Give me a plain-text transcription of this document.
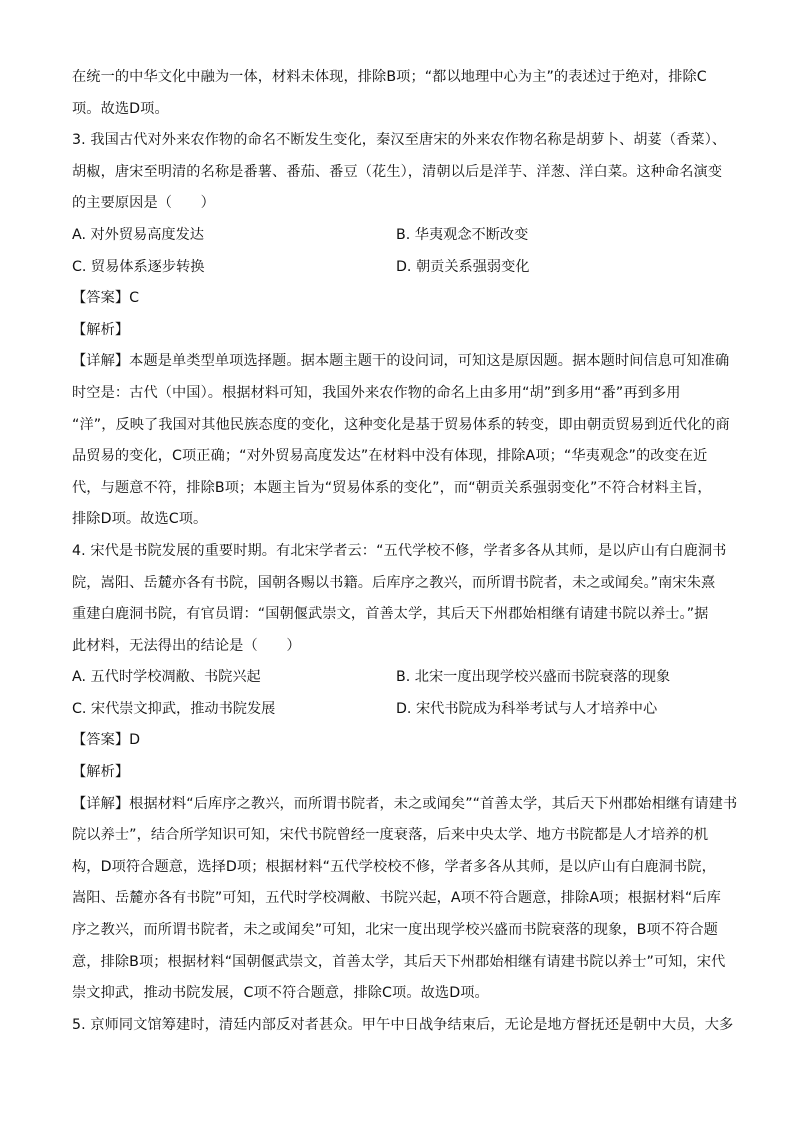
在统一的中华文化中融为一体，材料未体现，排除B项；“都以地理中心为主”的表述过于绝对，排除C
项。故选D项。
3. 我国古代对外来农作物的命名不断发生变化，秦汉至唐宋的外来农作物名称是胡萝卜、胡荽（香菜）、
胡椒，唐宋至明清的名称是番薯、番茄、番豆（花生），清朝以后是洋芋、洋葱、洋白菜。这种命名演变
的主要原因是（　　）
A. 对外贸易高度发达	B. 华夷观念不断改变
C. 贸易体系逐步转换	D. 朝贡关系强弱变化
【答案】C
【解析】
【详解】本题是单类型单项选择题。据本题主题干的设问词，可知这是原因题。据本题时间信息可知准确
时空是：古代（中国）。根据材料可知，我国外来农作物的命名上由多用“胡”到多用“番”再到多用
“洋”，反映了我国对其他民族态度的变化，这种变化是基于贸易体系的转变，即由朝贡贸易到近代化的商
品贸易的变化，C项正确；“对外贸易高度发达”在材料中没有体现，排除A项；“华夷观念”的改变在近
代，与题意不符，排除B项；本题主旨为“贸易体系的变化”，而“朝贡关系强弱变化”不符合材料主旨，
排除D项。故选C项。
4. 宋代是书院发展的重要时期。有北宋学者云：“五代学校不修，学者多各从其师，是以庐山有白鹿洞书
院，嵩阳、岳麓亦各有书院，国朝各赐以书籍。后库序之教兴，而所谓书院者，未之或闻矣。”南宋朱熹
重建白鹿洞书院，有官员谓：“国朝偃武崇文，首善太学，其后天下州郡始相继有请建书院以养士。”据
此材料，无法得出的结论是（　　）
A. 五代时学校凋敝、书院兴起	B. 北宋一度出现学校兴盛而书院衰落的现象
C. 宋代崇文抑武，推动书院发展	D. 宋代书院成为科举考试与人才培养中心
【答案】D
【解析】
【详解】根据材料“后库序之教兴，而所谓书院者，未之或闻矣”“首善太学，其后天下州郡始相继有请建书
院以养士”，结合所学知识可知，宋代书院曾经一度衰落，后来中央太学、地方书院都是人才培养的机
构，D项符合题意，选择D项；根据材料“五代学校校不修，学者多各从其师，是以庐山有白鹿洞书院，
嵩阳、岳麓亦各有书院”可知，五代时学校凋敝、书院兴起，A项不符合题意，排除A项；根据材料“后库
序之教兴，而所谓书院者，未之或闻矣”可知，北宋一度出现学校兴盛而书院衰落的现象，B项不符合题
意，排除B项；根据材料“国朝偃武崇文，首善太学，其后天下州郡始相继有请建书院以养士”可知，宋代
崇文抑武，推动书院发展，C项不符合题意，排除C项。故选D项。
5. 京师同文馆筹建时，清廷内部反对者甚众。甲午中日战争结束后，无论是地方督抚还是朝中大员，大多
